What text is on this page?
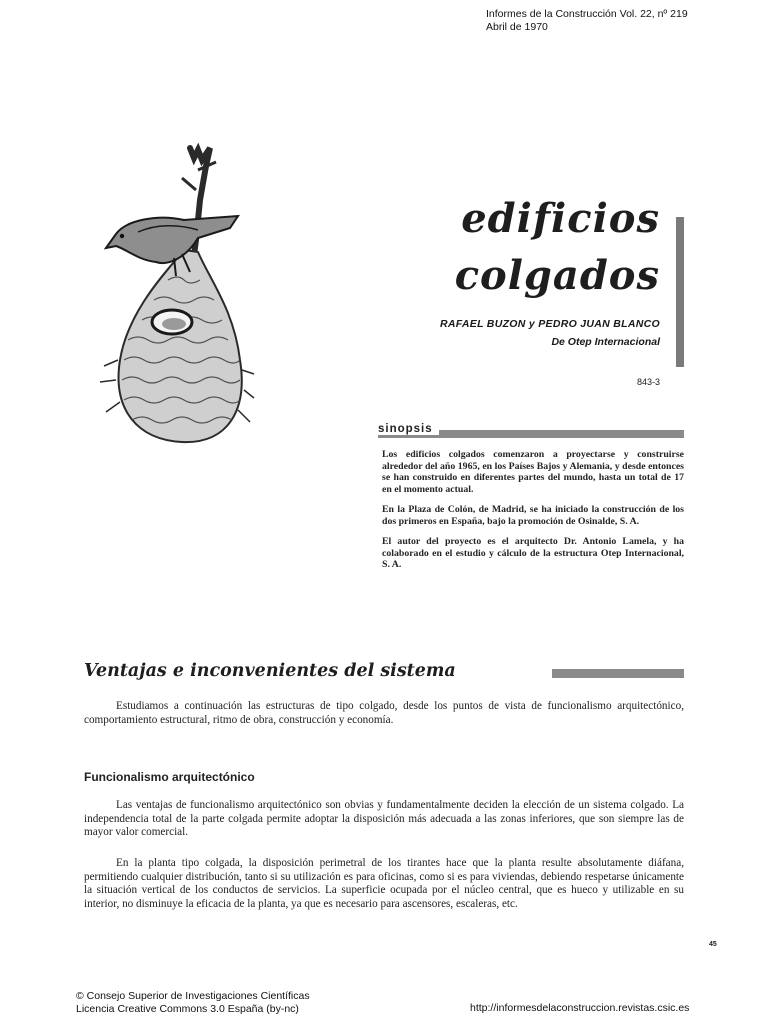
Informes de la Construcción Vol. 22, nº 219
Abril de 1970
edificios
colgados
RAFAEL BUZON y PEDRO JUAN BLANCO
De Otep Internacional
843-3
sinopsis

Los edificios colgados comenzaron a proyectarse y construirse alrededor del año 1965, en los Países Bajos y Alemania, y desde entonces se han construido en diferentes partes del mundo, hasta un total de 17 en el momento actual.

En la Plaza de Colón, de Madrid, se ha iniciado la construcción de los dos primeros en España, bajo la promoción de Osinalde, S. A.

El autor del proyecto es el arquitecto Dr. Antonio Lamela, y ha colaborado en el estudio y cálculo de la estructura Otep Internacional, S. A.

Ventajas e inconvenientes del sistema
Estudiamos a continuación las estructuras de tipo colgado, desde los puntos de vista de funcionalismo arquitectónico, comportamiento estructural, ritmo de obra, construcción y economía.
Funcionalismo arquitectónico
Las ventajas de funcionalismo arquitectónico son obvias y fundamentalmente deciden la elección de un sistema colgado. La independencia total de la parte colgada permite adoptar la disposición más adecuada a las zonas inferiores, que son siempre las de mayor valor comercial.
En la planta tipo colgada, la disposición perimetral de los tirantes hace que la planta resulte absolutamente diáfana, permitiendo cualquier distribución, tanto si su utilización es para oficinas, como si es para viviendas, debiendo respetarse únicamente la situación vertical de los conductos de servicios. La superficie ocupada por el núcleo central, que es hueco y utilizable en su interior, no disminuye la eficacia de la planta, ya que es necesario para ascensores, escaleras, etc.
45
© Consejo Superior de Investigaciones Científicas
Licencia Creative Commons 3.0 España (by-nc)	http://informesdelaconstruccion.revistas.csic.es
